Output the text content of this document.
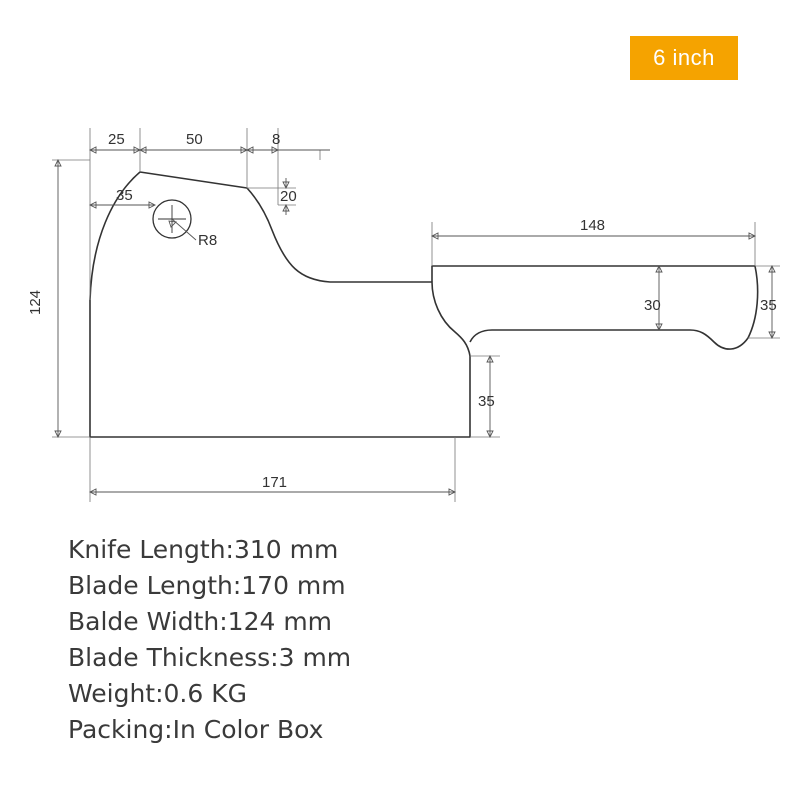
6 inch
25	50	8
35	20
R8
124
148
30	35
35
171
Knife Length:310 mm
Blade Length:170 mm
Balde Width:124 mm
Blade Thickness:3 mm
Weight:0.6 KG
Packing:In Color Box
